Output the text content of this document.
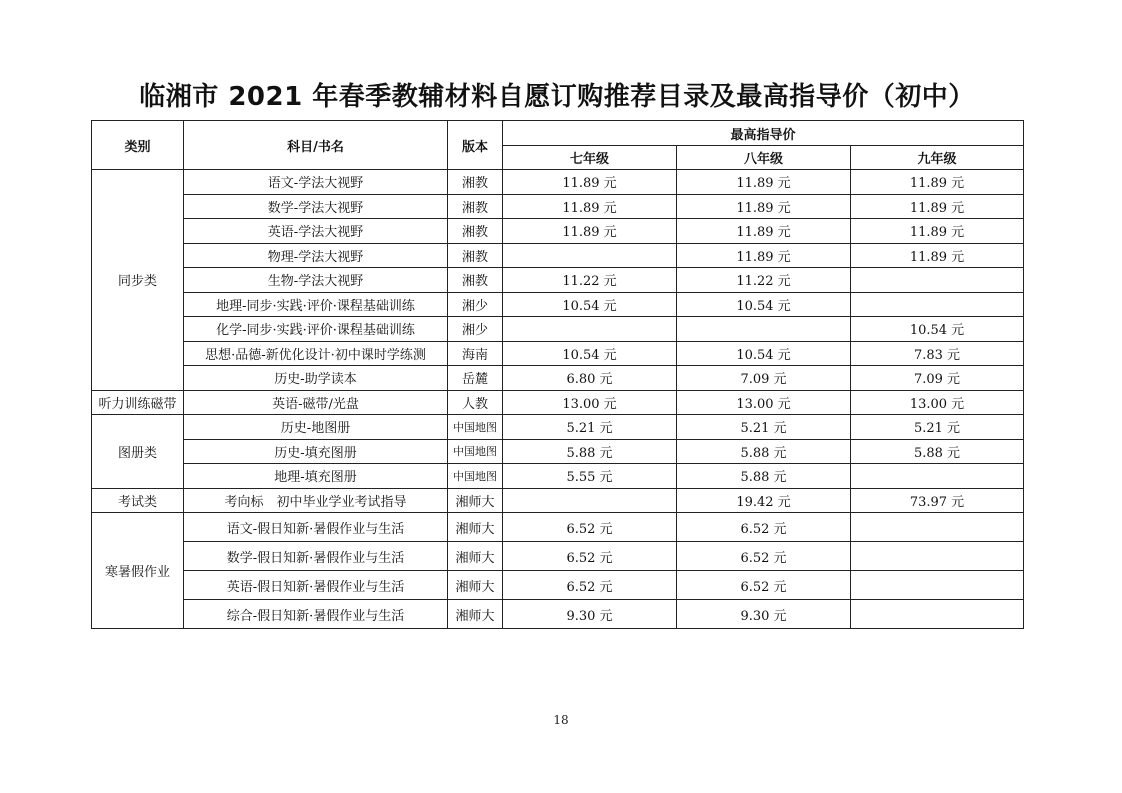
临湘市 2021 年春季教辅材料自愿订购推荐目录及最高指导价（初中）
类别	科目/书名	版本	最高指导价		
			七年级	八年级	九年级
同步类	语文-学法大视野	湘教	11.89 元	11.89 元	11.89 元
	数学-学法大视野	湘教	11.89 元	11.89 元	11.89 元
	英语-学法大视野	湘教	11.89 元	11.89 元	11.89 元
	物理-学法大视野	湘教		11.89 元	11.89 元
	生物-学法大视野	湘教	11.22 元	11.22 元	
	地理-同步·实践·评价·课程基础训练	湘少	10.54 元	10.54 元	
	化学-同步·实践·评价·课程基础训练	湘少			10.54 元
	思想·品德-新优化设计·初中课时学练测	海南	10.54 元	10.54 元	7.83 元
	历史-助学读本	岳麓	6.80 元	7.09 元	7.09 元
听力训练磁带	英语-磁带/光盘	人教	13.00 元	13.00 元	13.00 元
图册类	历史-地图册	中国地图	5.21 元	5.21 元	5.21 元
	历史-填充图册	中国地图	5.88 元	5.88 元	5.88 元
	地理-填充图册	中国地图	5.55 元	5.88 元	
考试类	考向标　初中毕业学业考试指导	湘师大		19.42 元	73.97 元
寒暑假作业	语文-假日知新·暑假作业与生活	湘师大	6.52 元	6.52 元	
	数学-假日知新·暑假作业与生活	湘师大	6.52 元	6.52 元	
	英语-假日知新·暑假作业与生活	湘师大	6.52 元	6.52 元	
	综合-假日知新·暑假作业与生活	湘师大	9.30 元	9.30 元	
18
